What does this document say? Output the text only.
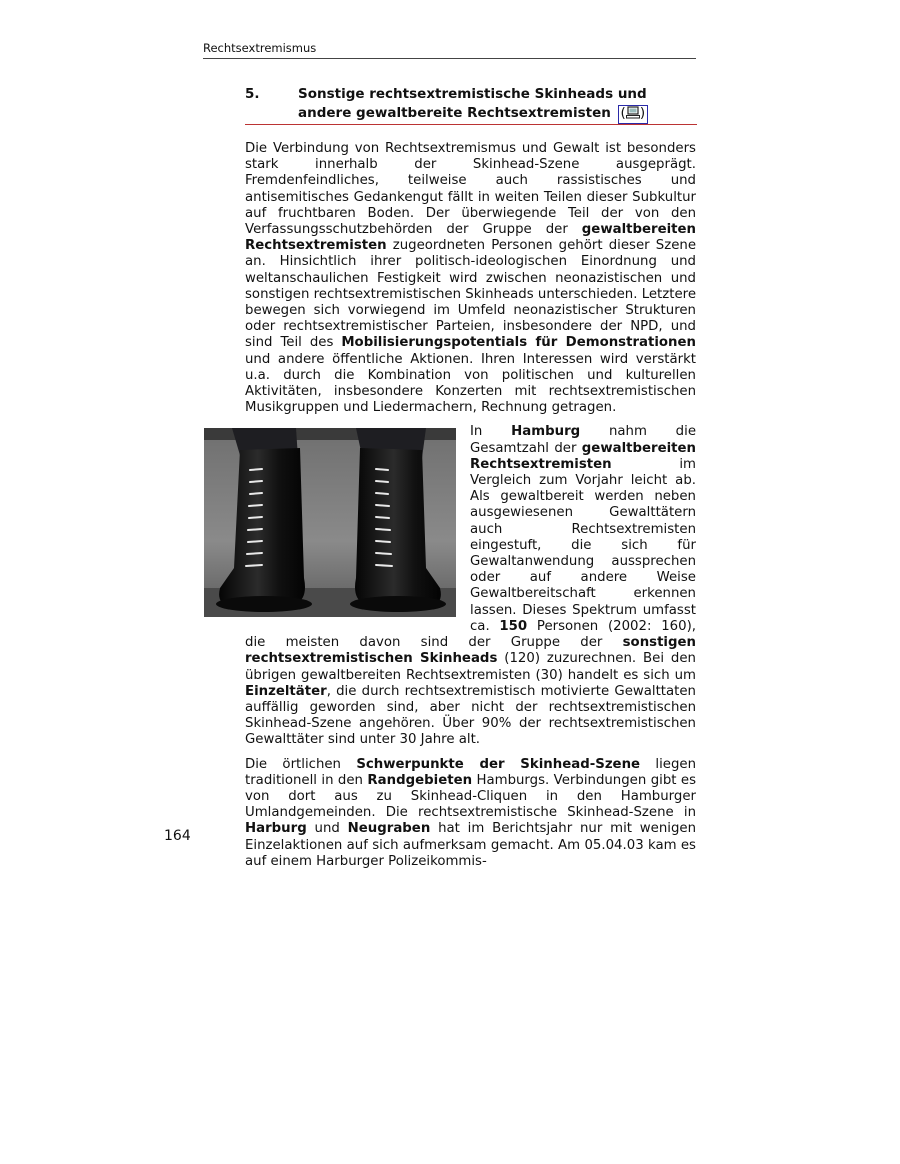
Rechtsextremismus
5.	Sonstige rechtsextremistische Skinheads und andere gewaltbereite Rechtsextremisten ( )

Die Verbindung von Rechtsextremismus und Gewalt ist besonders stark innerhalb der Skinhead-Szene ausgeprägt. Fremdenfeindliches, teilweise auch rassistisches und antisemitisches Gedankengut fällt in weiten Teilen dieser Subkultur auf fruchtbaren Boden. Der überwiegende Teil der von den Verfassungsschutzbehörden der Gruppe der gewaltbereiten Rechtsextremisten zugeordneten Personen gehört dieser Szene an. Hinsichtlich ihrer politisch-ideologischen Einordnung und weltanschaulichen Festigkeit wird zwischen neonazistischen und sonstigen rechtsextremistischen Skinheads unterschieden. Letztere bewegen sich vorwiegend im Umfeld neonazistischer Strukturen oder rechtsextremistischer Parteien, insbesondere der NPD, und sind Teil des Mobilisierungspotentials für Demonstrationen und andere öffentliche Aktionen. Ihren Interessen wird verstärkt u.a. durch die Kombination von politischen und kulturellen Aktivitäten, insbesondere Konzerten mit rechtsextremistischen Musikgruppen und Liedermachern, Rechnung getragen.

In Hamburg nahm die Gesamtzahl der gewaltbereiten Rechtsextremisten im Vergleich zum Vorjahr leicht ab. Als gewaltbereit werden neben ausgewiesenen Gewalttätern auch Rechtsextremisten eingestuft, die sich für Gewaltanwendung aussprechen oder auf andere Weise Gewaltbereitschaft erkennen lassen. Dieses Spektrum umfasst ca. 150 Personen (2002: 160), die meisten davon sind der Gruppe der sonstigen rechtsextremistischen Skinheads (120) zuzurechnen. Bei den übrigen gewaltbereiten Rechtsextremisten (30) handelt es sich um Einzeltäter, die durch rechtsextremistisch motivierte Gewalttaten auffällig geworden sind, aber nicht der rechtsextremistischen Skinhead-Szene angehören. Über 90% der rechtsextremistischen Gewalttäter sind unter 30 Jahre alt.

Die örtlichen Schwerpunkte der Skinhead-Szene liegen traditionell in den Randgebieten Hamburgs. Verbindungen gibt es von dort aus zu Skinhead-Cliquen in den Hamburger Umlandgemeinden. Die rechtsextremistische Skinhead-Szene in Harburg und Neugraben hat im Berichtsjahr nur mit wenigen Einzelaktionen auf sich aufmerksam gemacht. Am 05.04.03 kam es auf einem Harburger Polizeikommis-

164
